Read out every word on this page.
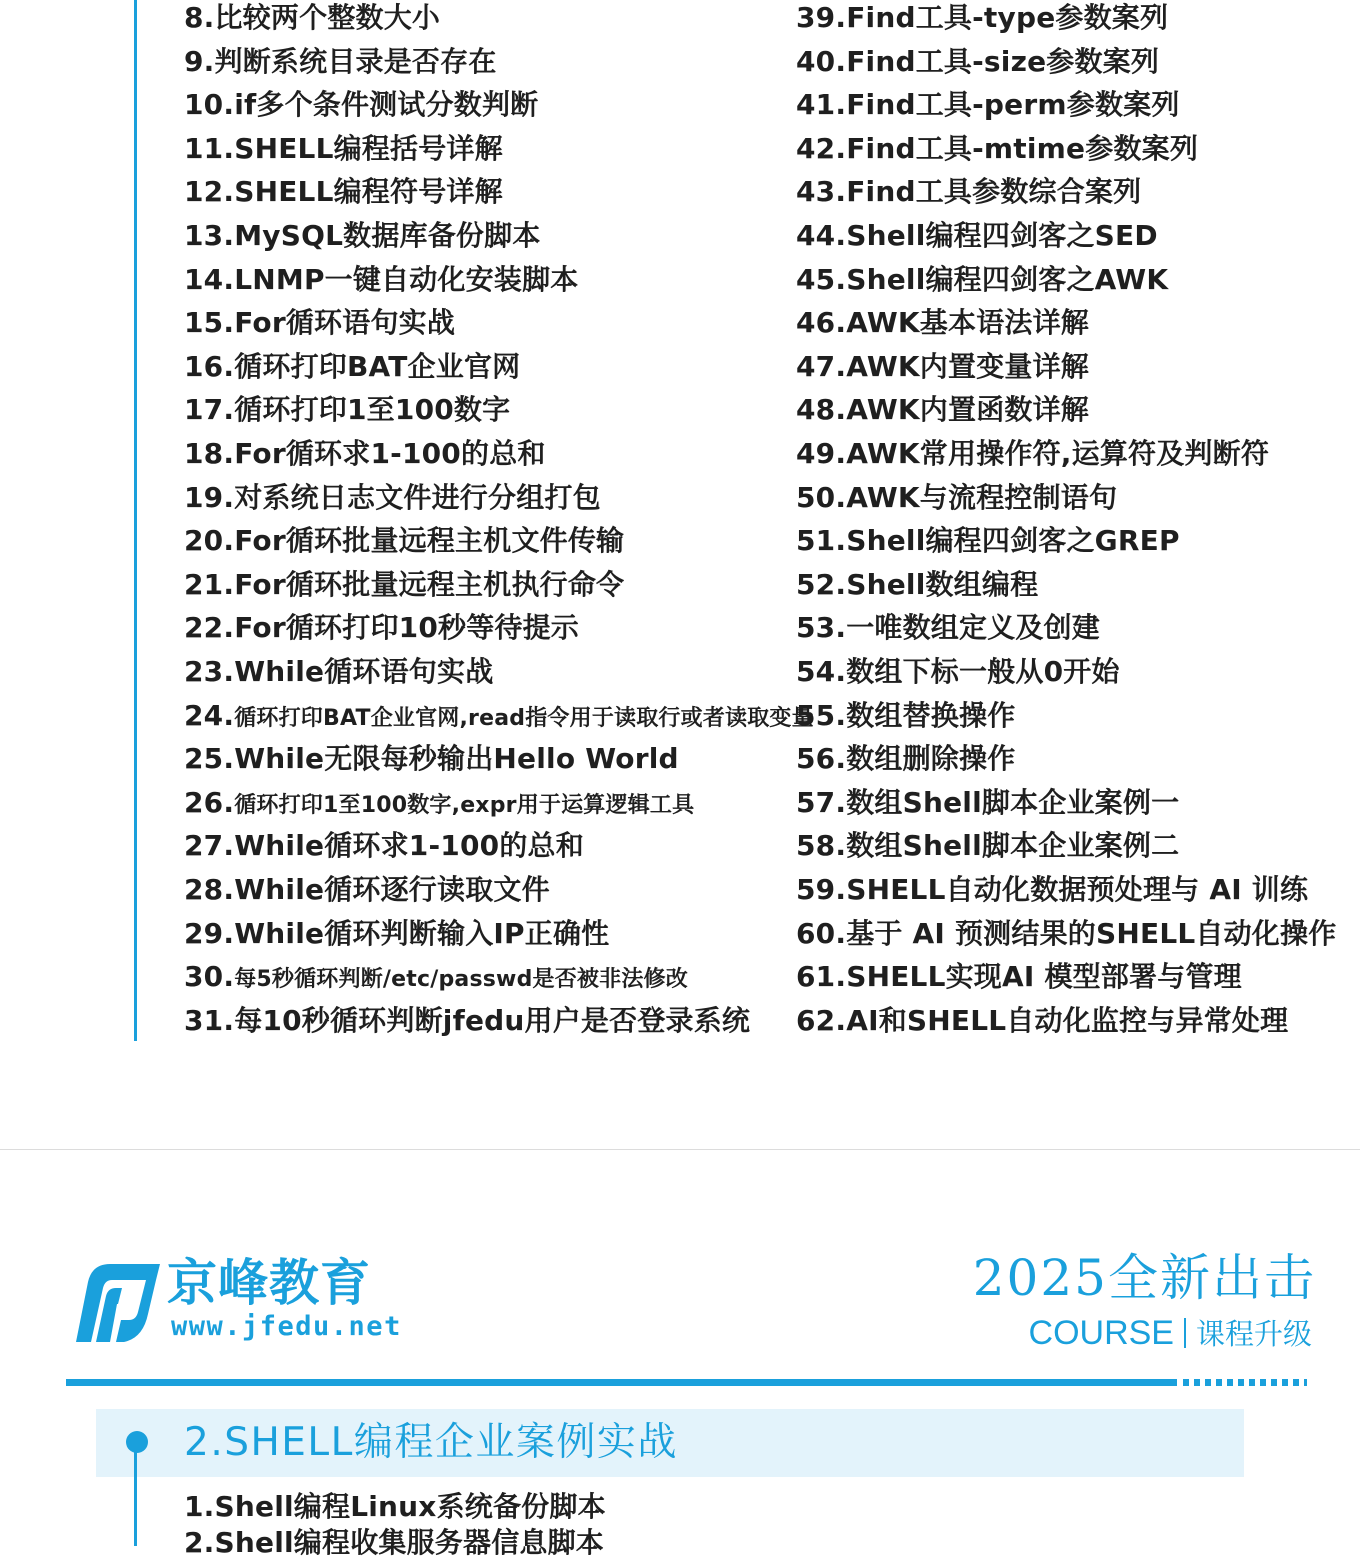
8.比较两个整数大小
9.判断系统目录是否存在
10.if多个条件测试分数判断
11.SHELL编程括号详解
12.SHELL编程符号详解
13.MySQL数据库备份脚本
14.LNMP一键自动化安装脚本
15.For循环语句实战
16.循环打印BAT企业官网
17.循环打印1至100数字
18.For循环求1-100的总和
19.对系统日志文件进行分组打包
20.For循环批量远程主机文件传输
21.For循环批量远程主机执行命令
22.For循环打印10秒等待提示
23.While循环语句实战
24.循环打印BAT企业官网,read指令用于读取行或者读取变量
25.While无限每秒输出Hello World
26.循环打印1至100数字,expr用于运算逻辑工具
27.While循环求1-100的总和
28.While循环逐行读取文件
29.While循环判断输入IP正确性
30.每5秒循环判断/etc/passwd是否被非法修改
31.每10秒循环判断jfedu用户是否登录系统
39.Find工具-type参数案列
40.Find工具-size参数案列
41.Find工具-perm参数案列
42.Find工具-mtime参数案列
43.Find工具参数综合案列
44.Shell编程四剑客之SED
45.Shell编程四剑客之AWK
46.AWK基本语法详解
47.AWK内置变量详解
48.AWK内置函数详解
49.AWK常用操作符,运算符及判断符
50.AWK与流程控制语句
51.Shell编程四剑客之GREP
52.Shell数组编程
53.一唯数组定义及创建
54.数组下标一般从0开始
55.数组替换操作
56.数组删除操作
57.数组Shell脚本企业案例一
58.数组Shell脚本企业案例二
59.SHELL自动化数据预处理与 AI 训练
60.基于 AI 预测结果的SHELL自动化操作
61.SHELL实现AI 模型部署与管理
62.AI和SHELL自动化监控与异常处理
京峰教育
www.jfedu.net
2025全新出击
COURSE 课程升级
2.SHELL编程企业案例实战
1.Shell编程Linux系统备份脚本
2.Shell编程收集服务器信息脚本
